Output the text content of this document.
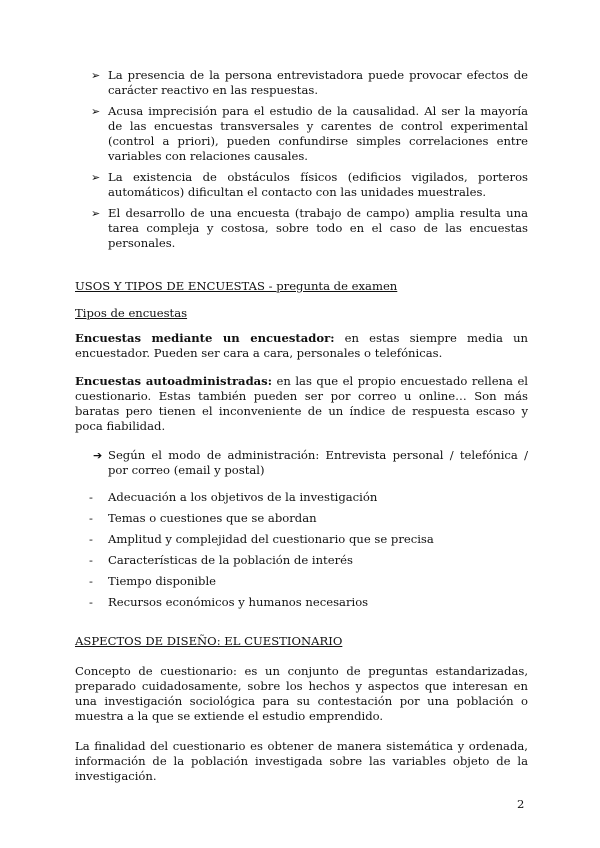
➢ La presencia de la persona entrevistadora puede provocar efectos de carácter reactivo en las respuestas.
➢ Acusa imprecisión para el estudio de la causalidad. Al ser la mayoría de las encuestas transversales y carentes de control experimental (control a priori), pueden confundirse simples correlaciones entre variables con relaciones causales.
➢ La existencia de obstáculos físicos (edificios vigilados, porteros automáticos) dificultan el contacto con las unidades muestrales.
➢ El desarrollo de una encuesta (trabajo de campo) amplia resulta una tarea compleja y costosa, sobre todo en el caso de las encuestas personales.
USOS Y TIPOS DE ENCUESTAS - pregunta de examen
Tipos de encuestas

Encuestas mediante un encuestador: en estas siempre media un encuestador. Pueden ser cara a cara, personales o telefónicas.

Encuestas autoadministradas: en las que el propio encuestado rellena el cuestionario. Estas también pueden ser por correo u online… Son más baratas pero tienen el inconveniente de un índice de respuesta escaso y poca fiabilidad.

➔ Según el modo de administración: Entrevista personal / telefónica / por correo (email y postal)
-	Adecuación a los objetivos de la investigación
-	Temas o cuestiones que se abordan
-	Amplitud y complejidad del cuestionario que se precisa
-	Características de la población de interés
-	Tiempo disponible
-	Recursos económicos y humanos necesarios
ASPECTOS DE DISEÑO: EL CUESTIONARIO

Concepto de cuestionario: es un conjunto de preguntas estandarizadas, preparado cuidadosamente, sobre los hechos y aspectos que interesan en una investigación sociológica para su contestación por una población o muestra a la que se extiende el estudio emprendido.

La finalidad del cuestionario es obtener de manera sistemática y ordenada, información de la población investigada sobre las variables objeto de la investigación.

2
